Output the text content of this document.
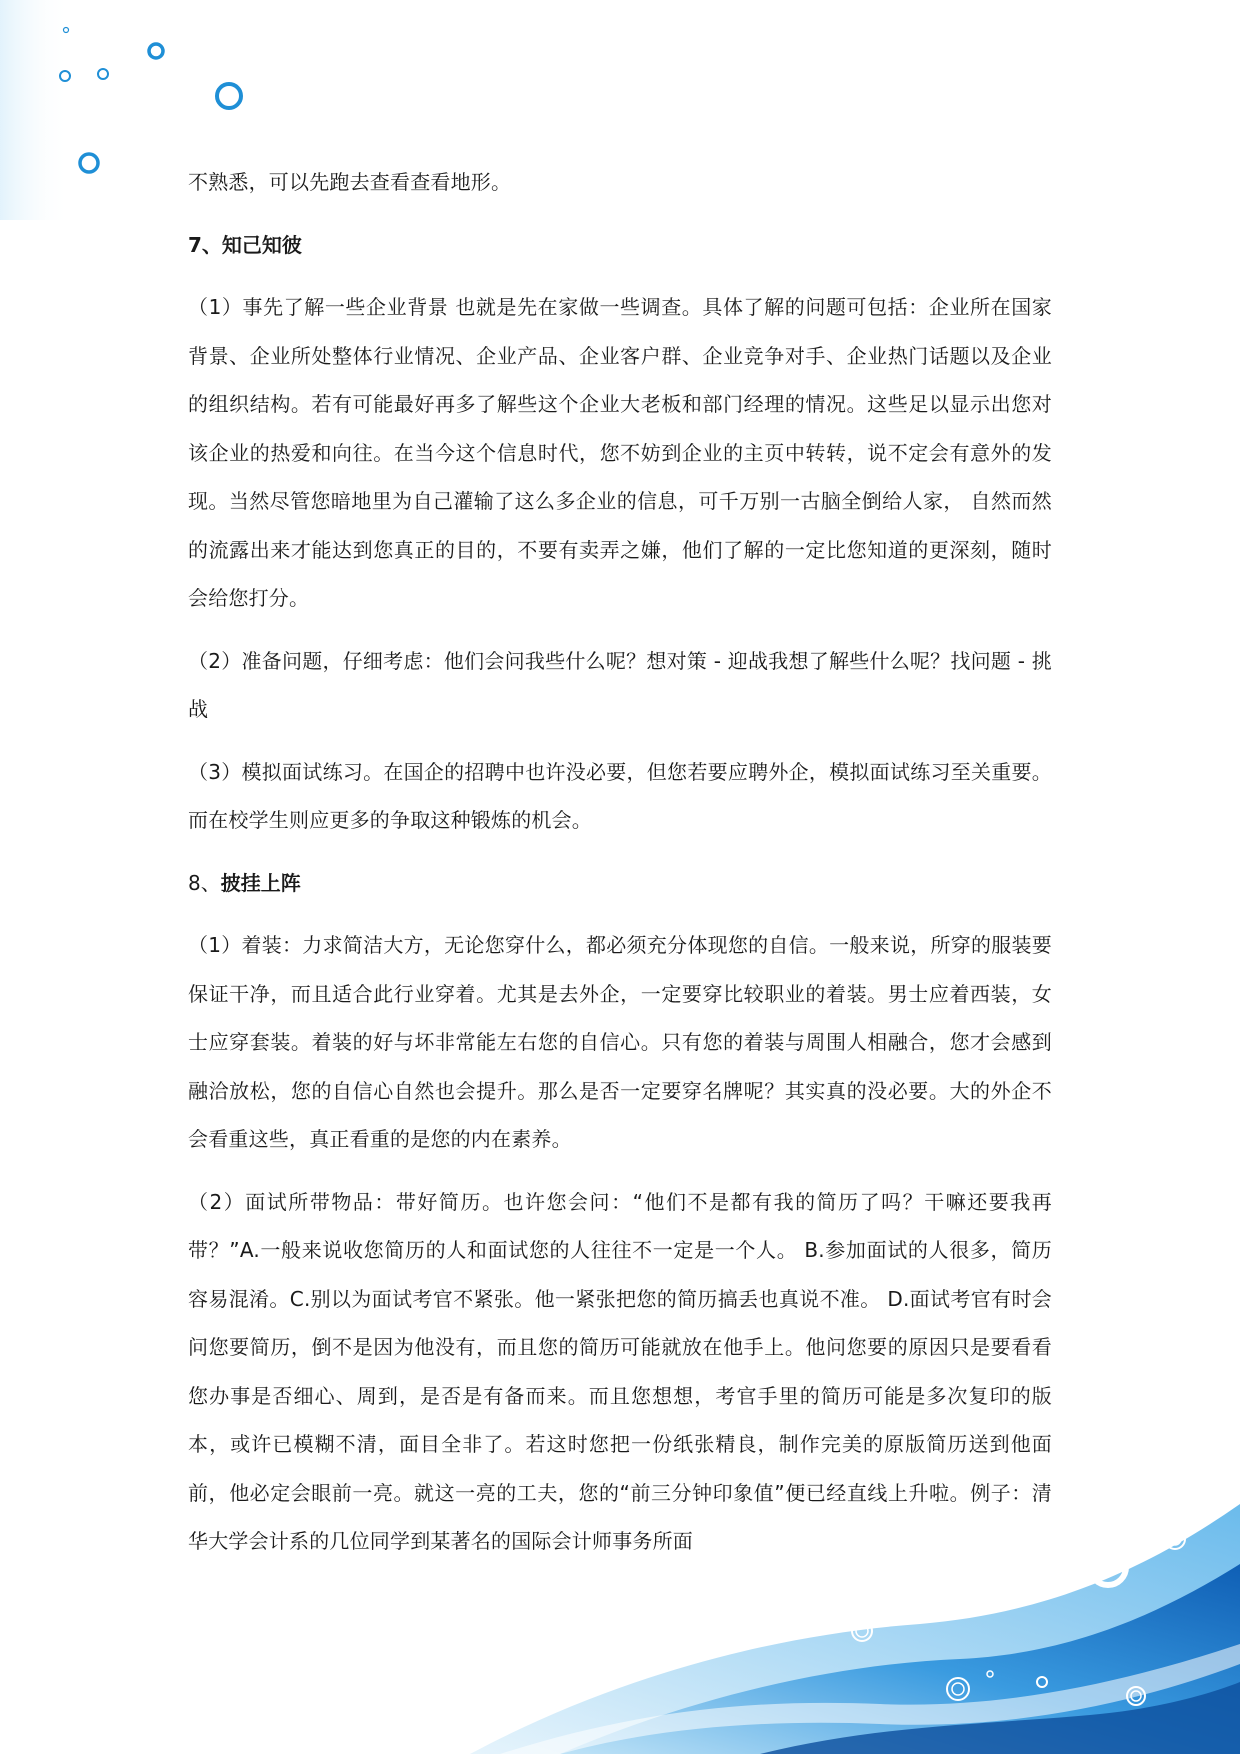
不熟悉，可以先跑去查看查看地形。

7、知己知彼

（1）事先了解一些企业背景 也就是先在家做一些调查。具体了解的问题可包括：企业所在国家背景、企业所处整体行业情况、企业产品、企业客户群、企业竞争对手、企业热门话题以及企业的组织结构。若有可能最好再多了解些这个企业大老板和部门经理的情况。这些足以显示出您对该企业的热爱和向往。在当今这个信息时代，您不妨到企业的主页中转转，说不定会有意外的发现。当然尽管您暗地里为自己灌输了这么多企业的信息，可千万别一古脑全倒给人家， 自然而然的流露出来才能达到您真正的目的，不要有卖弄之嫌，他们了解的一定比您知道的更深刻，随时会给您打分。

（2）准备问题，仔细考虑：他们会问我些什么呢？想对策 - 迎战我想了解些什么呢？找问题 - 挑战

（3）模拟面试练习。在国企的招聘中也许没必要，但您若要应聘外企，模拟面试练习至关重要。而在校学生则应更多的争取这种锻炼的机会。

8、披挂上阵

（1）着装：力求简洁大方，无论您穿什么，都必须充分体现您的自信。一般来说，所穿的服装要保证干净，而且适合此行业穿着。尤其是去外企，一定要穿比较职业的着装。男士应着西装，女士应穿套装。着装的好与坏非常能左右您的自信心。只有您的着装与周围人相融合，您才会感到融洽放松，您的自信心自然也会提升。那么是否一定要穿名牌呢？其实真的没必要。大的外企不会看重这些，真正看重的是您的内在素养。

（2）面试所带物品：带好简历。也许您会问：“他们不是都有我的简历了吗？干嘛还要我再带？”A.一般来说收您简历的人和面试您的人往往不一定是一个人。 B.参加面试的人很多，简历容易混淆。C.别以为面试考官不紧张。他一紧张把您的简历搞丢也真说不准。 D.面试考官有时会问您要简历，倒不是因为他没有，而且您的简历可能就放在他手上。他问您要的原因只是要看看您办事是否细心、周到，是否是有备而来。而且您想想，考官手里的简历可能是多次复印的版本，或许已模糊不清，面目全非了。若这时您把一份纸张精良，制作完美的原版简历送到他面前，他必定会眼前一亮。就这一亮的工夫，您的“前三分钟印象值”便已经直线上升啦。例子：清华大学会计系的几位同学到某著名的国际会计师事务所面
